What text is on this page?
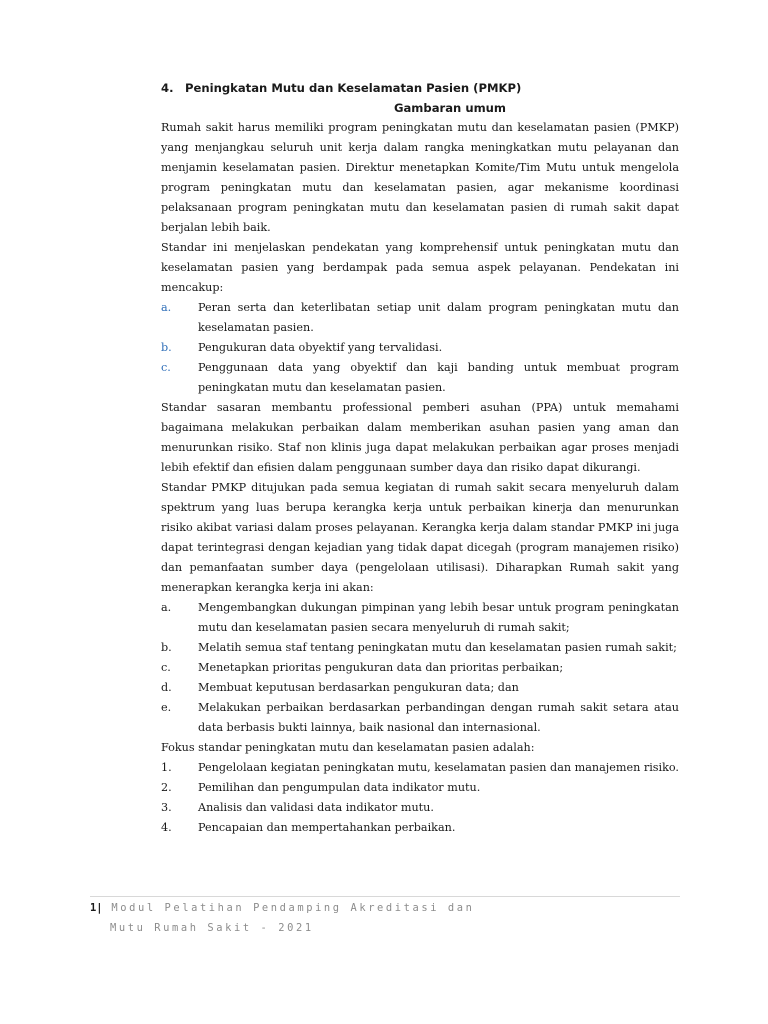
4. Peningkatan Mutu dan Keselamatan Pasien (PMKP)
Gambaran umum

Rumah sakit harus memiliki program peningkatan mutu dan keselamatan pasien (PMKP) yang menjangkau seluruh unit kerja dalam rangka meningkatkan mutu pelayanan dan menjamin keselamatan pasien. Direktur menetapkan Komite/Tim Mutu untuk mengelola program peningkatan mutu dan keselamatan pasien, agar mekanisme koordinasi pelaksanaan program peningkatan mutu dan keselamatan pasien di rumah sakit dapat berjalan lebih baik.

Standar ini menjelaskan pendekatan yang komprehensif untuk peningkatan mutu dan keselamatan pasien yang berdampak pada semua aspek pelayanan. Pendekatan ini mencakup:

a.	Peran serta dan keterlibatan setiap unit dalam program peningkatan mutu dan keselamatan pasien.
b.	Pengukuran data obyektif yang tervalidasi.
c.	Penggunaan data yang obyektif dan kaji banding untuk membuat program peningkatan mutu dan keselamatan pasien.

Standar sasaran membantu professional pemberi asuhan (PPA) untuk memahami bagaimana melakukan perbaikan dalam memberikan asuhan pasien yang aman dan menurunkan risiko. Staf non klinis juga dapat melakukan perbaikan agar proses menjadi lebih efektif dan efisien dalam penggunaan sumber daya dan risiko dapat dikurangi.

Standar PMKP ditujukan pada semua kegiatan di rumah sakit secara menyeluruh dalam spektrum yang luas berupa kerangka kerja untuk perbaikan kinerja dan menurunkan risiko akibat variasi dalam proses pelayanan. Kerangka kerja dalam standar PMKP ini juga dapat terintegrasi dengan kejadian yang tidak dapat dicegah (program manajemen risiko) dan pemanfaatan sumber daya (pengelolaan utilisasi). Diharapkan Rumah sakit yang menerapkan kerangka kerja ini akan:

a.	Mengembangkan dukungan pimpinan yang lebih besar untuk program peningkatan mutu dan keselamatan pasien secara menyeluruh di rumah sakit;
b.	Melatih semua staf tentang peningkatan mutu dan keselamatan pasien rumah sakit;
c.	Menetapkan prioritas pengukuran data dan prioritas perbaikan;
d.	Membuat keputusan berdasarkan pengukuran data; dan
e.	Melakukan perbaikan berdasarkan perbandingan dengan rumah sakit setara atau data berbasis bukti lainnya, baik nasional dan internasional.

Fokus standar peningkatan mutu dan keselamatan pasien adalah:

1.	Pengelolaan kegiatan peningkatan mutu, keselamatan pasien dan manajemen risiko.
2.	Pemilihan dan pengumpulan data indikator mutu.
3.	Analisis dan validasi data indikator mutu.
4.	Pencapaian dan mempertahankan perbaikan.
1| Modul Pelatihan Pendamping Akreditasi dan
Mutu Rumah Sakit - 2021
